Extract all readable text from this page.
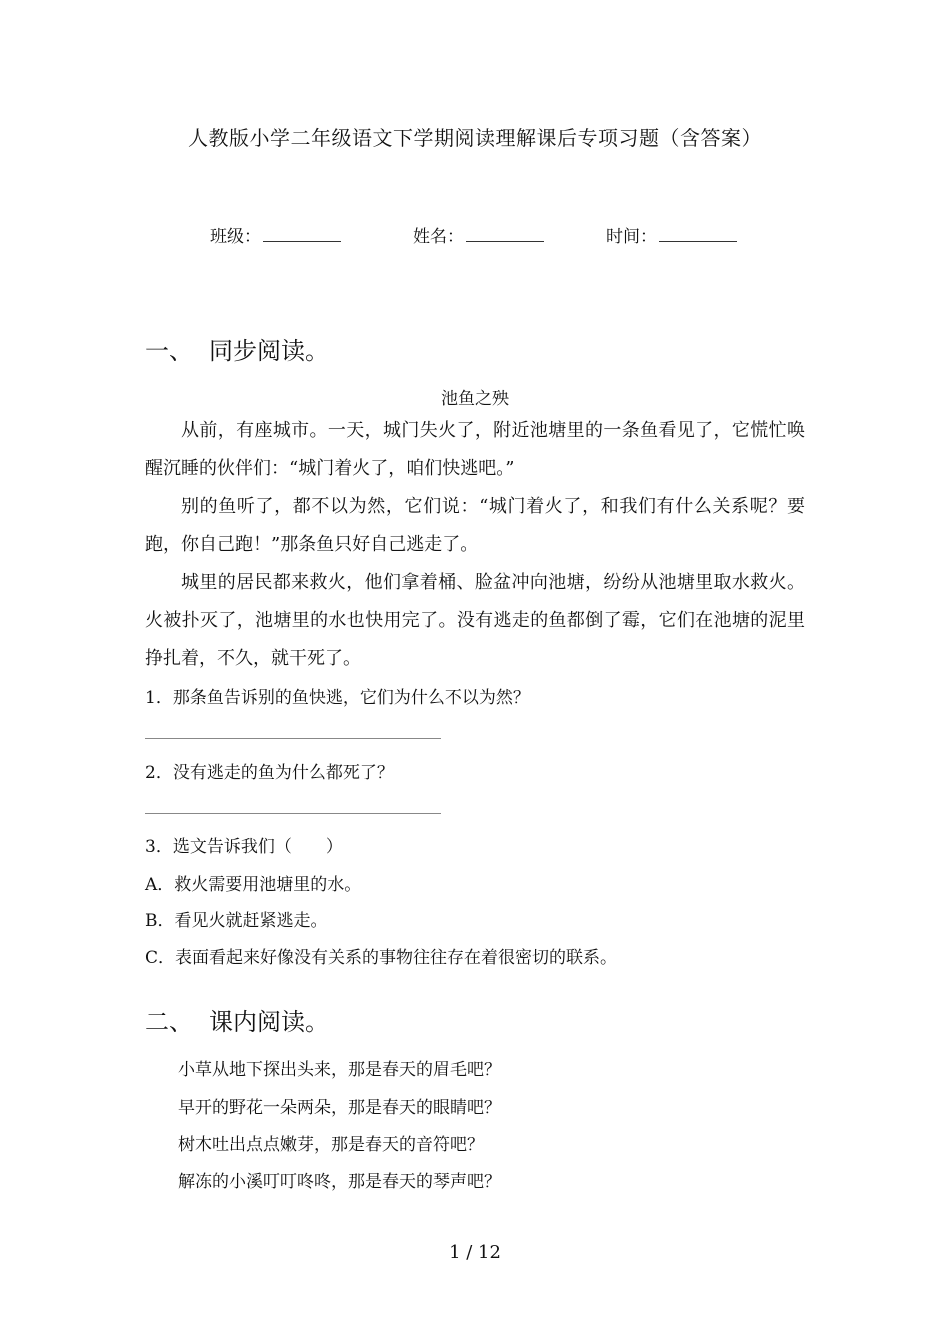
人教版小学二年级语文下学期阅读理解课后专项习题（含答案）
班级：	姓名：	时间：
一、 同步阅读。
池鱼之殃
从前，有座城市。一天，城门失火了，附近池塘里的一条鱼看见了，它慌忙唤醒沉睡的伙伴们：“城门着火了，咱们快逃吧。”
别的鱼听了，都不以为然，它们说：“城门着火了，和我们有什么关系呢？要跑，你自己跑！”那条鱼只好自己逃走了。
城里的居民都来救火，他们拿着桶、脸盆冲向池塘，纷纷从池塘里取水救火。火被扑灭了，池塘里的水也快用完了。没有逃走的鱼都倒了霉，它们在池塘的泥里挣扎着，不久，就干死了。
1．那条鱼告诉别的鱼快逃，它们为什么不以为然？
2．没有逃走的鱼为什么都死了？
3．选文告诉我们（　　）
A．救火需要用池塘里的水。
B．看见火就赶紧逃走。
C．表面看起来好像没有关系的事物往往存在着很密切的联系。
二、 课内阅读。
小草从地下探出头来，那是春天的眉毛吧？
早开的野花一朵两朵，那是春天的眼睛吧？
树木吐出点点嫩芽，那是春天的音符吧？
解冻的小溪叮叮咚咚，那是春天的琴声吧？
1 / 12
